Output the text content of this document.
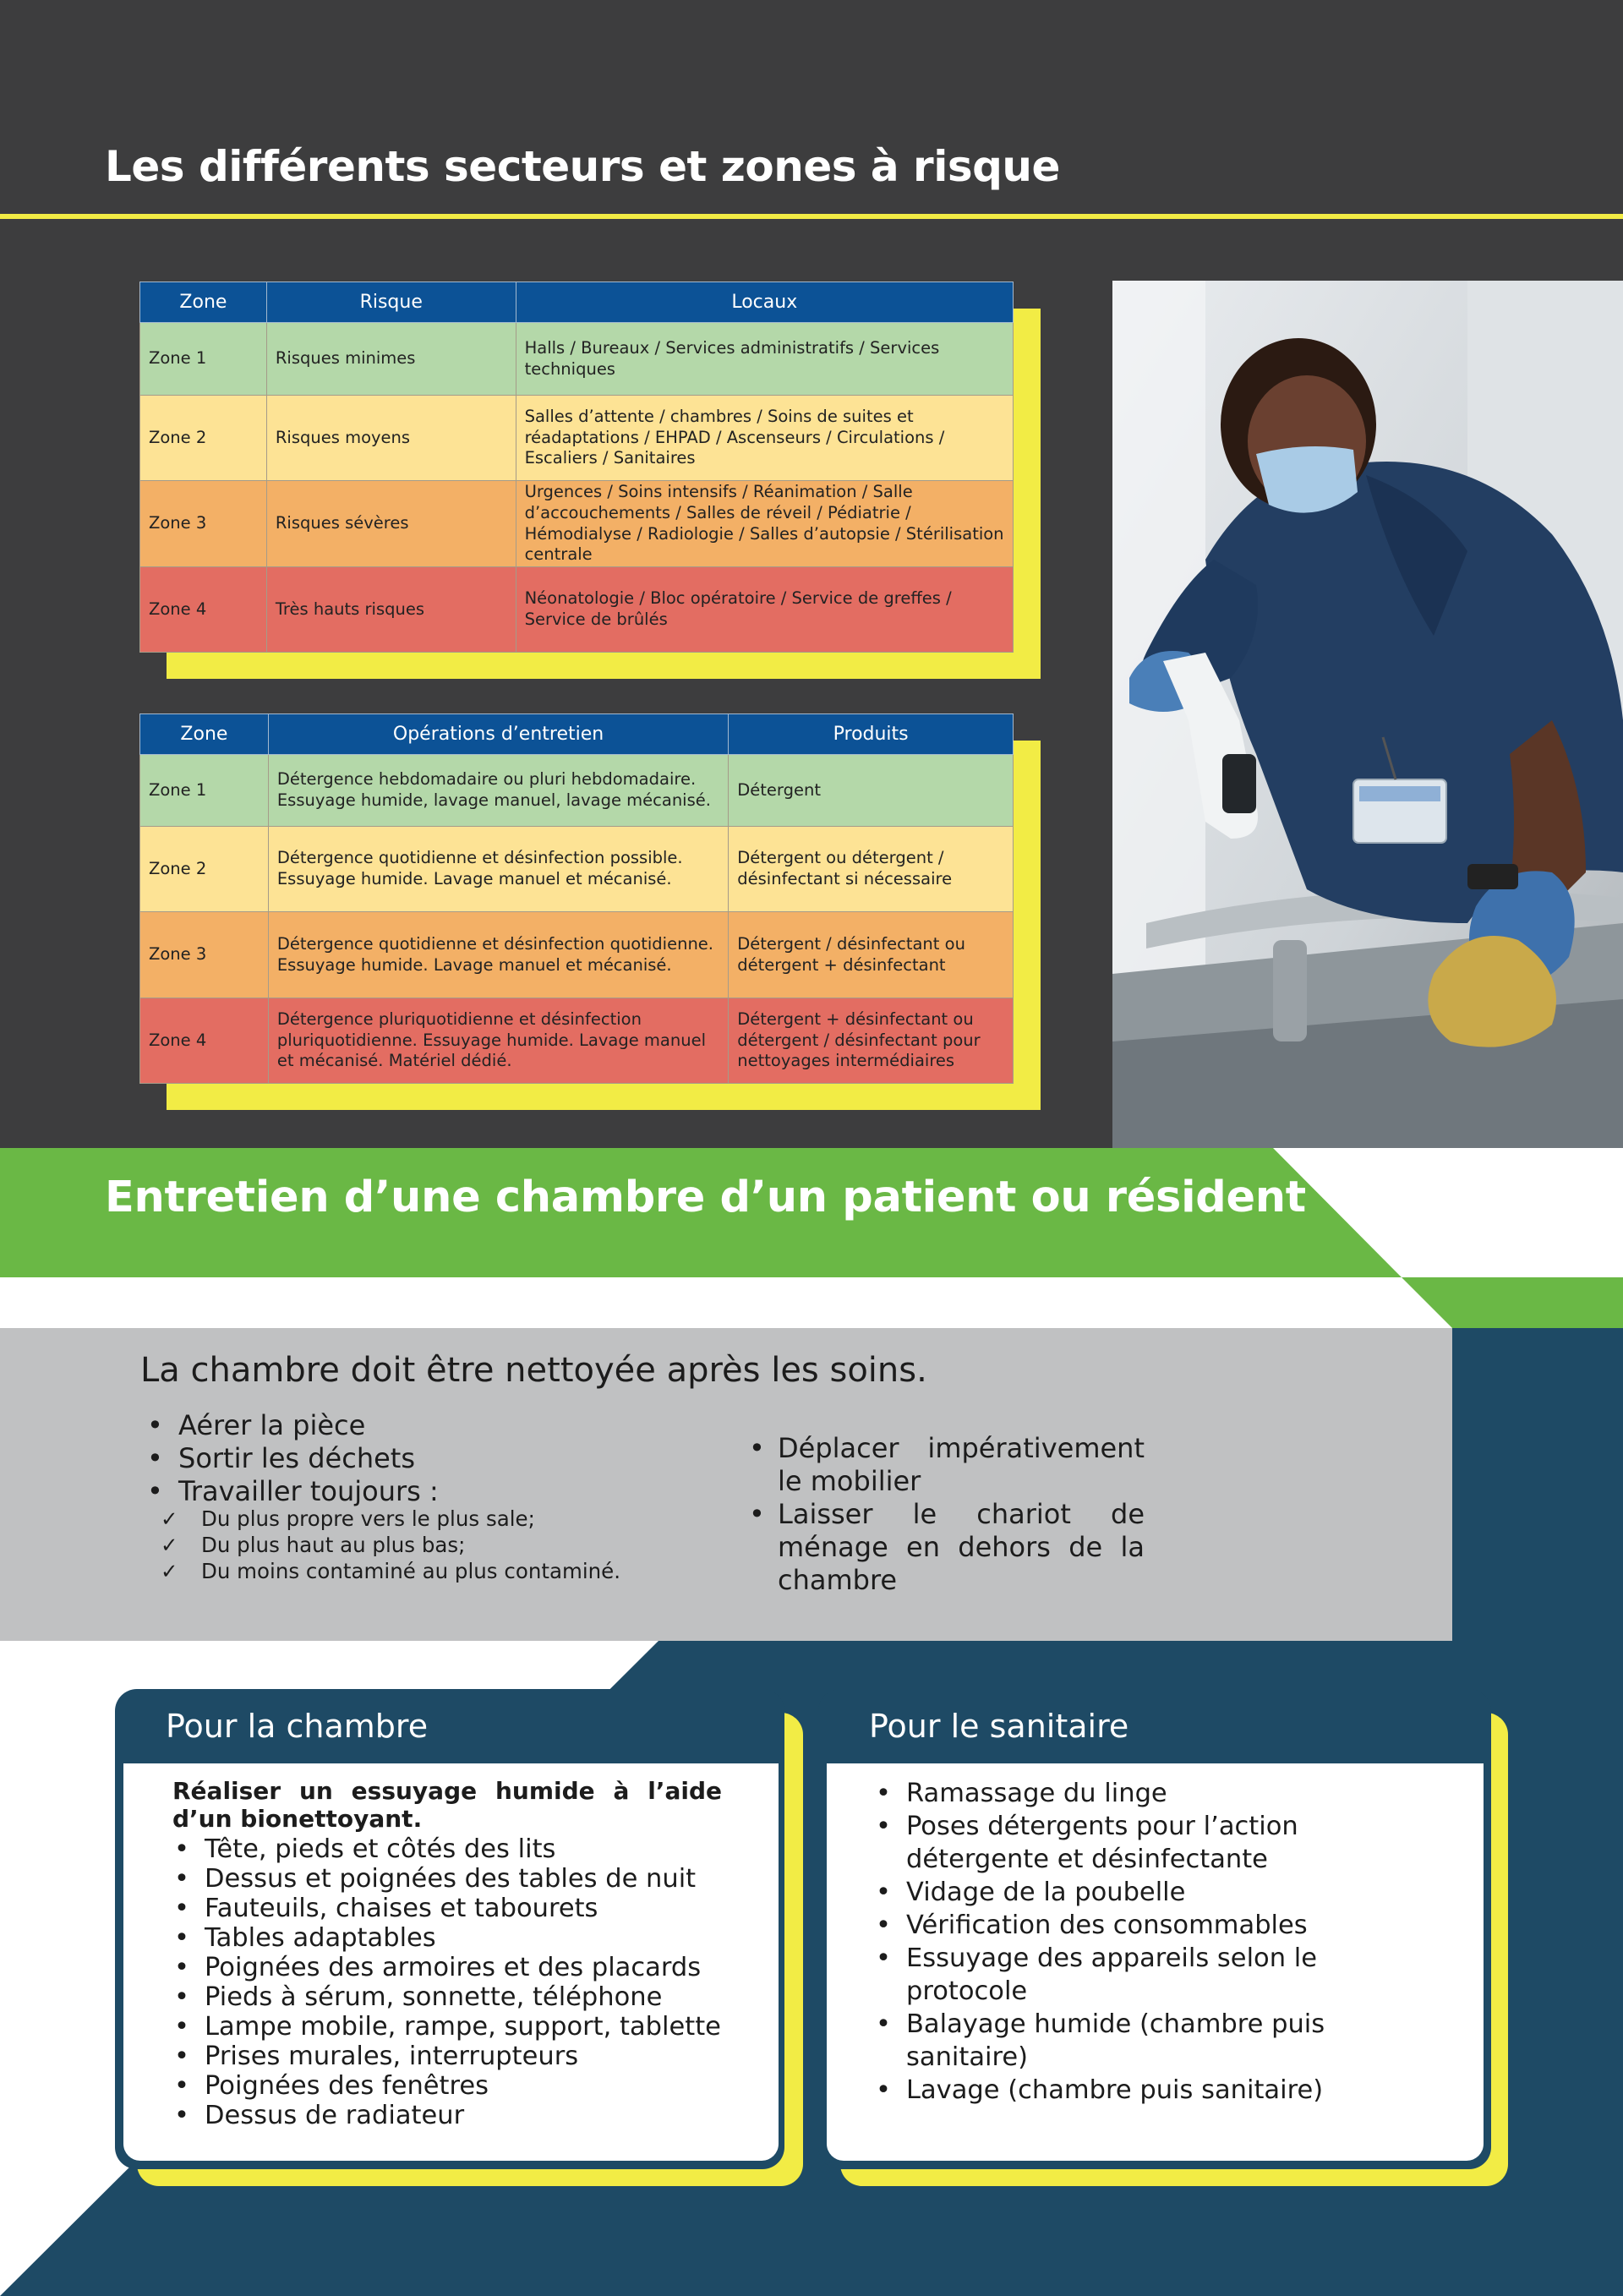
Les différents secteurs et zones à risque
Zone	Risque	Locaux
Zone 1	Risques minimes	Halls / Bureaux / Services administratifs / Services techniques
Zone 2	Risques moyens	Salles d’attente / chambres / Soins de suites et réadaptations / EHPAD / Ascenseurs / Circulations / Escaliers / Sanitaires
Zone 3	Risques sévères	Urgences / Soins intensifs / Réanimation / Salle d’accouchements / Salles de réveil / Pédiatrie / Hémodialyse / Radiologie / Salles d’autopsie / Stérilisation centrale
Zone 4	Très hauts risques	Néonatologie / Bloc opératoire / Service de greffes / Service de brûlés
Zone	Opérations d’entretien	Produits
Zone 1	Détergence hebdomadaire ou pluri hebdomadaire. Essuyage humide, lavage manuel, lavage mécanisé.	Détergent
Zone 2	Détergence quotidienne et désinfection possible. Essuyage humide. Lavage manuel et mécanisé.	Détergent ou détergent / désinfectant si nécessaire
Zone 3	Détergence quotidienne et désinfection quotidienne. Essuyage humide. Lavage manuel et mécanisé.	Détergent / désinfectant ou détergent + désinfectant
Zone 4	Détergence pluriquotidienne et désinfection pluriquotidienne. Essuyage humide. Lavage manuel et mécanisé. Matériel dédié.	Détergent + désinfectant ou détergent / désinfectant pour nettoyages intermédiaires
Entretien d’une chambre d’un patient ou résident
La chambre doit être nettoyée après les soins.
• Aérer la pièce
• Sortir les déchets
• Travailler toujours :
✓ Du plus propre vers le plus sale;
✓ Du plus haut au plus bas;
✓ Du moins contaminé au plus contaminé.
• Déplacer impérativement le mobilier
• Laisser le chariot de ménage en dehors de la chambre
Pour la chambre
Réaliser un essuyage humide à l’aide d’un bionettoyant.
• Tête, pieds et côtés des lits
• Dessus et poignées des tables de nuit
• Fauteuils, chaises et tabourets
• Tables adaptables
• Poignées des armoires et des placards
• Pieds à sérum, sonnette, téléphone
• Lampe mobile, rampe, support, tablette
• Prises murales, interrupteurs
• Poignées des fenêtres
• Dessus de radiateur
Pour le sanitaire
• Ramassage du linge
• Poses détergents pour l’action détergente et désinfectante
• Vidage de la poubelle
• Vérification des consommables
• Essuyage des appareils selon le protocole
• Balayage humide (chambre puis sanitaire)
• Lavage (chambre puis sanitaire)
